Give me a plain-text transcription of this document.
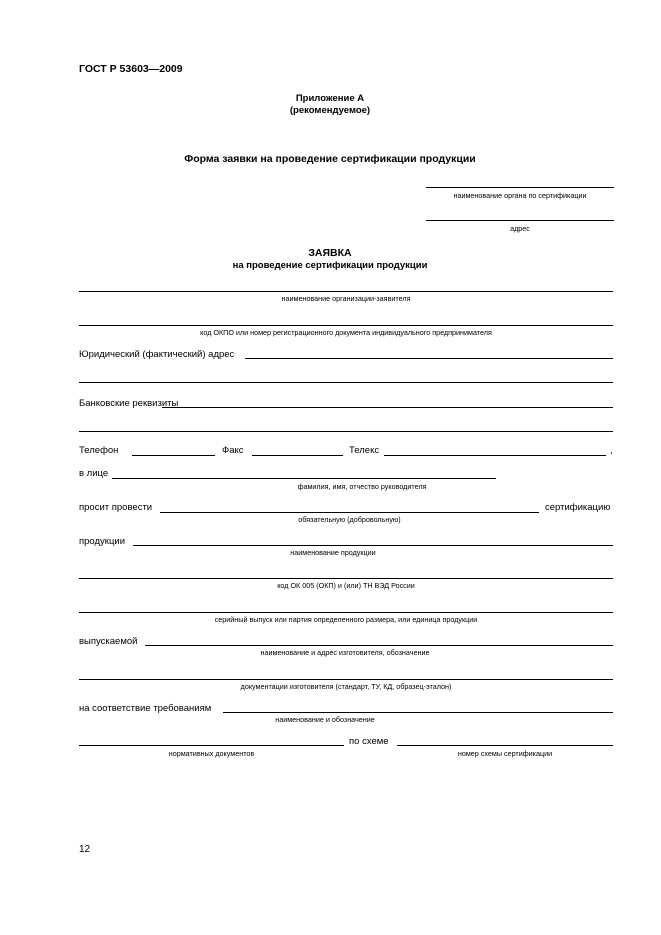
ГОСТ Р 53603—2009
Приложение А
(рекомендуемое)
Форма заявки на проведение сертификации продукции
наименование органа по сертификации
адрес
ЗАЯВКА
на проведение сертификации продукции
наименование организации-заявителя
код ОКПО или номер регистрационного документа индивидуального предпринимателя
Юридический (фактический) адрес
Банковские реквизиты
Телефон	Факс	Телекс	,
в лице
фамилия, имя, отчество руководителя
просит провести	сертификацию
обязательную (добровольную)
продукции
наименование продукции
код ОК 005 (ОКП) и (или) ТН ВЭД России
серийный выпуск или партия определенного размера, или единица продукции
выпускаемой
наименование и адрес изготовителя, обозначение
документации изготовителя (стандарт, ТУ, КД, образец-эталон)
на соответствие требованиям
наименование и обозначение
нормативных документов
по схеме
номер схемы сертификации
12
